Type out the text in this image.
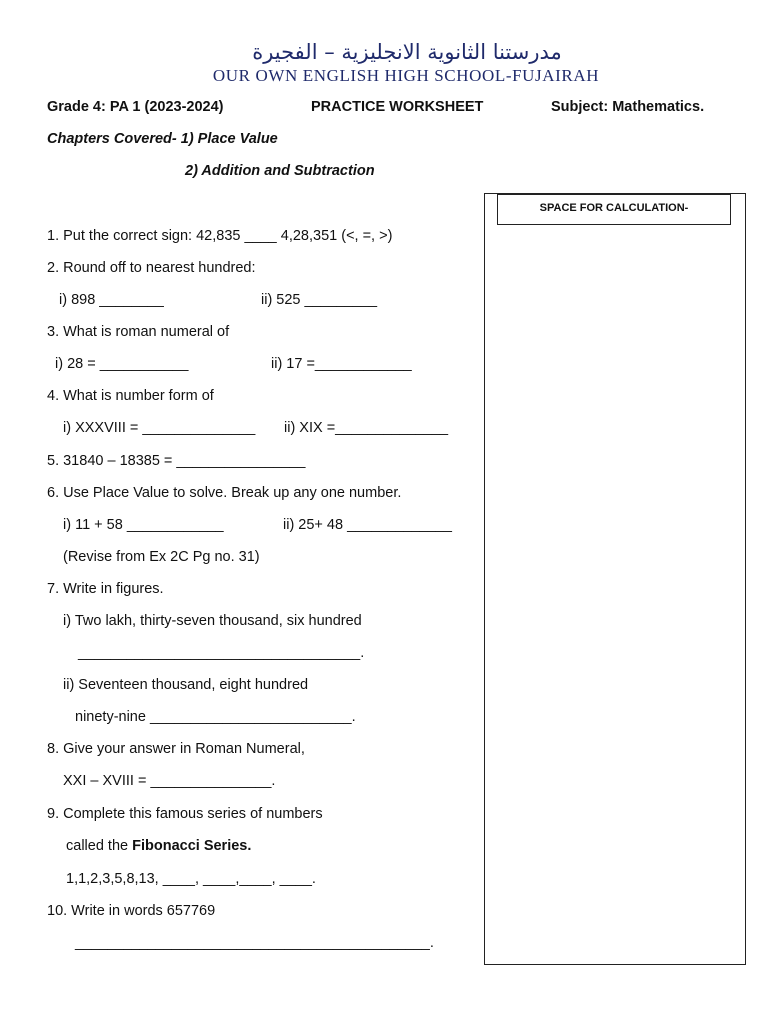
مدرستنا الثانوية الانجليزية – الفجيرة
OUR OWN ENGLISH HIGH SCHOOL-FUJAIRAH
Grade 4: PA 1 (2023-2024)	PRACTICE WORKSHEET	Subject: Mathematics.
Chapters Covered- 1) Place Value
2) Addition and Subtraction
SPACE FOR CALCULATION-
1. Put the correct sign: 42,835 ____ 4,28,351 (<, =, >)
2. Round off to nearest hundred:
i) 898 ________	ii) 525 _________
3. What is roman numeral of
i) 28 = ___________	ii) 17 =____________
4. What is number form of
i) XXXVIII = ______________ ii) XIX =______________
5. 31840 – 18385 = ________________
6. Use Place Value to solve. Break up any one number.
i) 11 + 58 ____________	ii) 25+ 48 _____________
(Revise from Ex 2C Pg no. 31)
7. Write in figures.
i) Two lakh, thirty-seven thousand, six hundred
___________________________________.
ii) Seventeen thousand, eight hundred
ninety-nine _________________________.
8. Give your answer in Roman Numeral,
XXI – XVIII = _______________.
9. Complete this famous series of numbers
called the Fibonacci Series.
1,1,2,3,5,8,13, ____, ____,____, ____.
10. Write in words 657769
____________________________________________.
